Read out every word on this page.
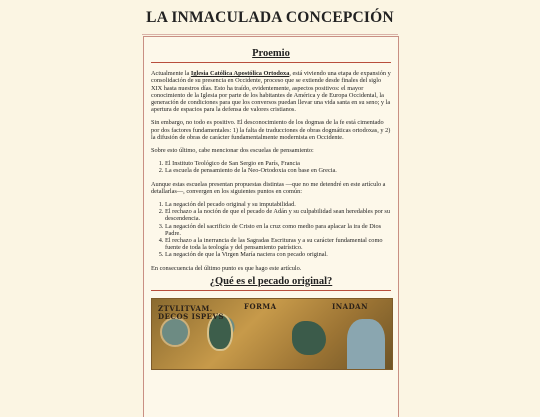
LA INMACULADA CONCEPCIÓN
Proemio

Actualmente la Iglesia Católica Apostólica Ortodoxa, está viviendo una etapa de expansión y consolidación de su presencia en Occidente, proceso que se extiende desde finales del siglo XIX hasta nuestros días. Esto ha traído, evidentemente, aspectos positivos: el mayor conocimiento de la Iglesia por parte de los habitantes de América y de Europa Occidental, la generación de condiciones para que los conversos puedan llevar una vida santa en su seno; y la apertura de espacios para la defensa de valores cristianos.

Sin embargo, no todo es positivo. El desconocimiento de los dogmas de la fe está cimentado por dos factores fundamentales: 1) la falta de traducciones de obras dogmáticas ortodoxas, y 2) la difusión de obras de carácter fundamentalmente modernista en Occidente.

Sobre esto último, cabe mencionar dos escuelas de pensamiento:

1. El Instituto Teológico de San Sergio en París, Francia
2. La escuela de pensamiento de la Neo-Ortodoxia con base en Grecia.

Aunque estas escuelas presentan propuestas distintas —que no me detendré en este artículo a detallarlas—, convergen en los siguientes puntos en común:

1. La negación del pecado original y su imputabilidad.
2. El rechazo a la noción de que el pecado de Adán y su culpabilidad sean heredables por su descendencia.
3. La negación del sacrificio de Cristo en la cruz como medio para aplacar la ira de Dios Padre.
4. El rechazo a la inerrancia de las Sagradas Escrituras y a su carácter fundamental como fuente de toda la teología y del pensamiento patrístico.
5. La negación de que la Virgen María naciera con pecado original.

En consecuencia del último punto es que hago este artículo.

¿Qué es el pecado original?
ZTVLITVAM.
DECOS ISPEVS
FORMA	INADAN
